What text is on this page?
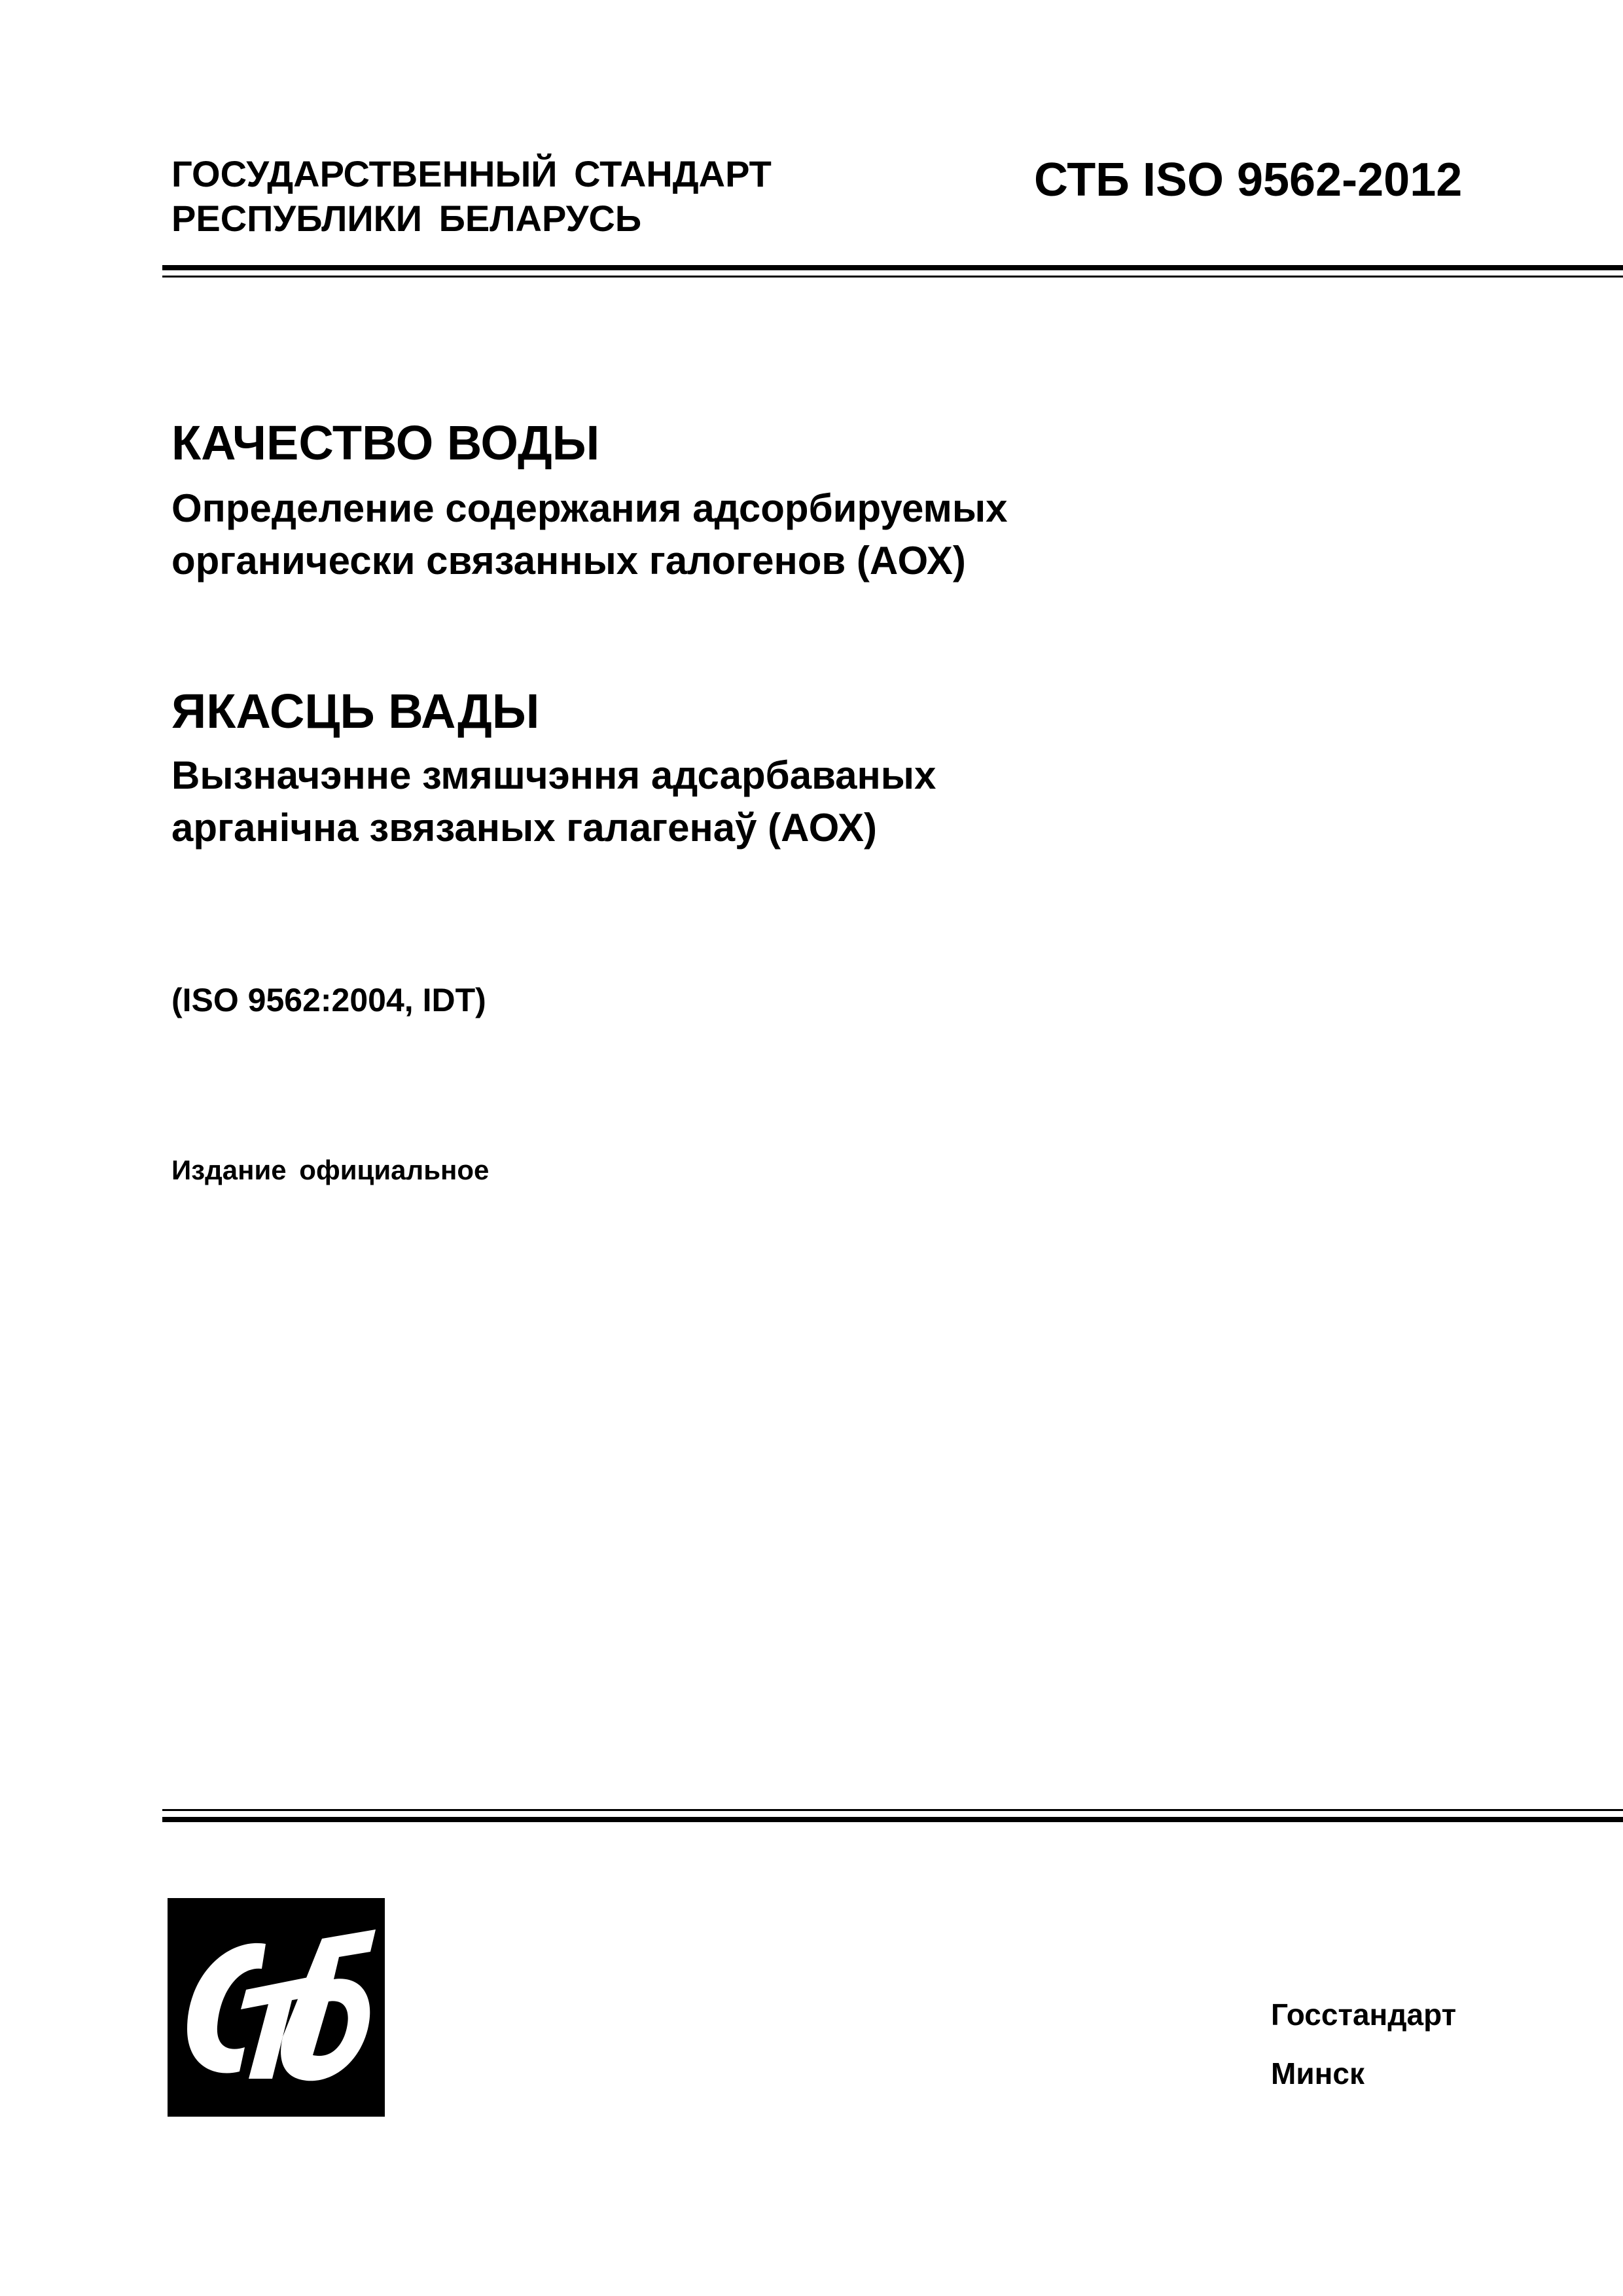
ГОСУДАРСТВЕННЫЙ СТАНДАРТ
РЕСПУБЛИКИ БЕЛАРУСЬ
СТБ ISO 9562-2012
КАЧЕСТВО ВОДЫ
Определение содержания адсорбируемых
органически связанных галогенов (АОХ)
ЯКАСЦЬ ВАДЫ
Вызначэнне змяшчэння адсарбаваных
арганічна звязаных галагенаў (АОХ)
(ISO 9562:2004, IDT)
Издание официальное
Госстандарт
Минск
